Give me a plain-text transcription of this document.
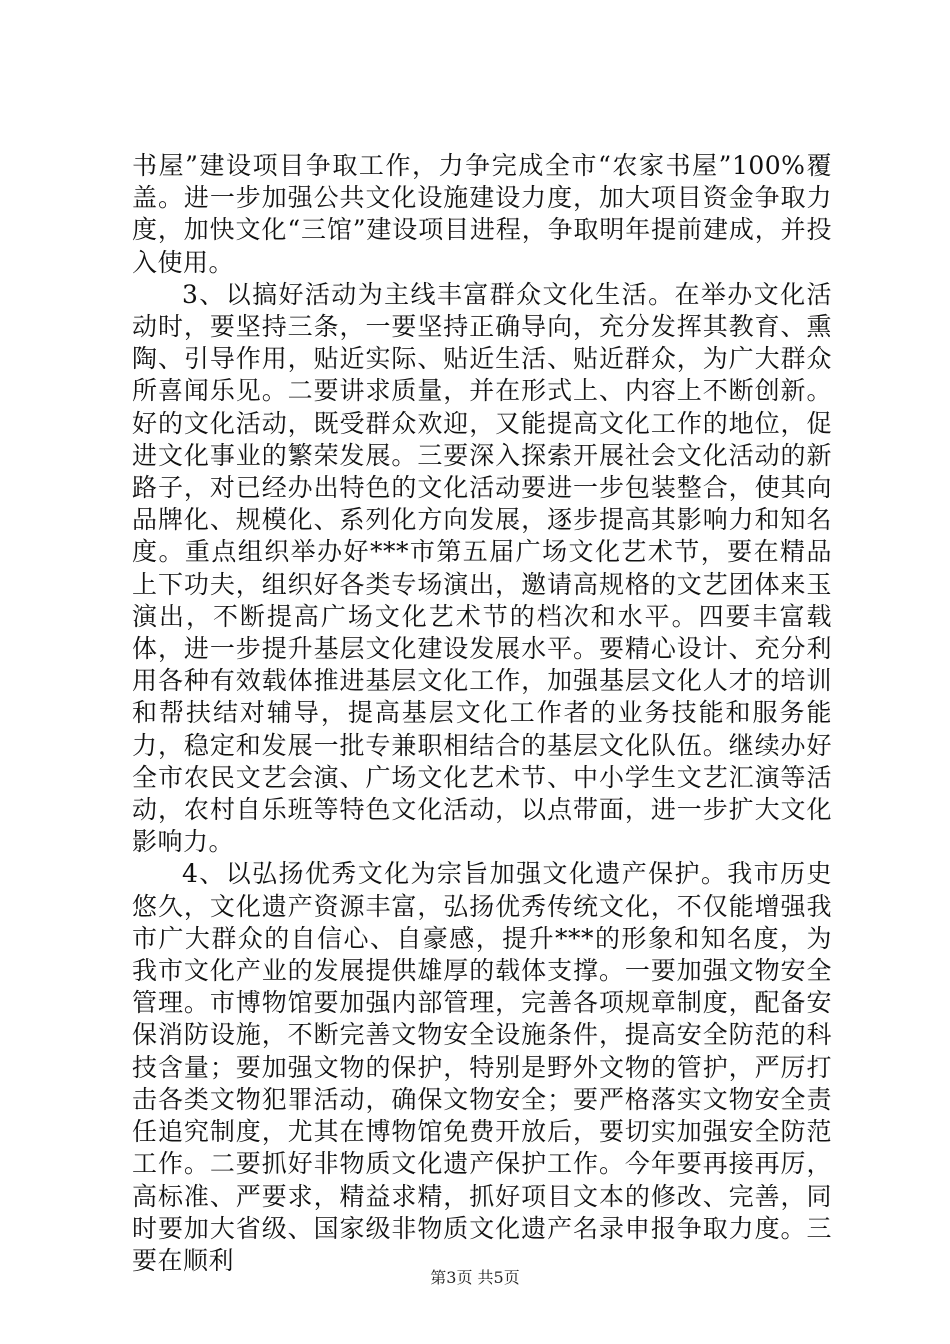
书屋”建设项目争取工作，力争完成全市“农家书屋”100%覆盖。进一步加强公共文化设施建设力度，加大项目资金争取力度，加快文化“三馆”建设项目进程，争取明年提前建成，并投入使用。

3、以搞好活动为主线丰富群众文化生活。在举办文化活动时，要坚持三条，一要坚持正确导向，充分发挥其教育、熏陶、引导作用，贴近实际、贴近生活、贴近群众，为广大群众所喜闻乐见。二要讲求质量，并在形式上、内容上不断创新。好的文化活动，既受群众欢迎，又能提高文化工作的地位，促进文化事业的繁荣发展。三要深入探索开展社会文化活动的新路子，对已经办出特色的文化活动要进一步包装整合，使其向品牌化、规模化、系列化方向发展，逐步提高其影响力和知名度。重点组织举办好***市第五届广场文化艺术节，要在精品上下功夫，组织好各类专场演出，邀请高规格的文艺团体来玉演出，不断提高广场文化艺术节的档次和水平。四要丰富载体，进一步提升基层文化建设发展水平。要精心设计、充分利用各种有效载体推进基层文化工作，加强基层文化人才的培训和帮扶结对辅导，提高基层文化工作者的业务技能和服务能力，稳定和发展一批专兼职相结合的基层文化队伍。继续办好全市农民文艺会演、广场文化艺术节、中小学生文艺汇演等活动，农村自乐班等特色文化活动，以点带面，进一步扩大文化影响力。

4、以弘扬优秀文化为宗旨加强文化遗产保护。我市历史悠久，文化遗产资源丰富，弘扬优秀传统文化，不仅能增强我市广大群众的自信心、自豪感，提升***的形象和知名度，为我市文化产业的发展提供雄厚的载体支撑。一要加强文物安全管理。市博物馆要加强内部管理，完善各项规章制度，配备安保消防设施，不断完善文物安全设施条件，提高安全防范的科技含量；要加强文物的保护，特别是野外文物的管护，严厉打击各类文物犯罪活动，确保文物安全；要严格落实文物安全责任追究制度，尤其在博物馆免费开放后，要切实加强安全防范工作。二要抓好非物质文化遗产保护工作。今年要再接再厉，高标准、严要求，精益求精，抓好项目文本的修改、完善，同时要加大省级、国家级非物质文化遗产名录申报争取力度。三要在顺利

第3页 共5页
